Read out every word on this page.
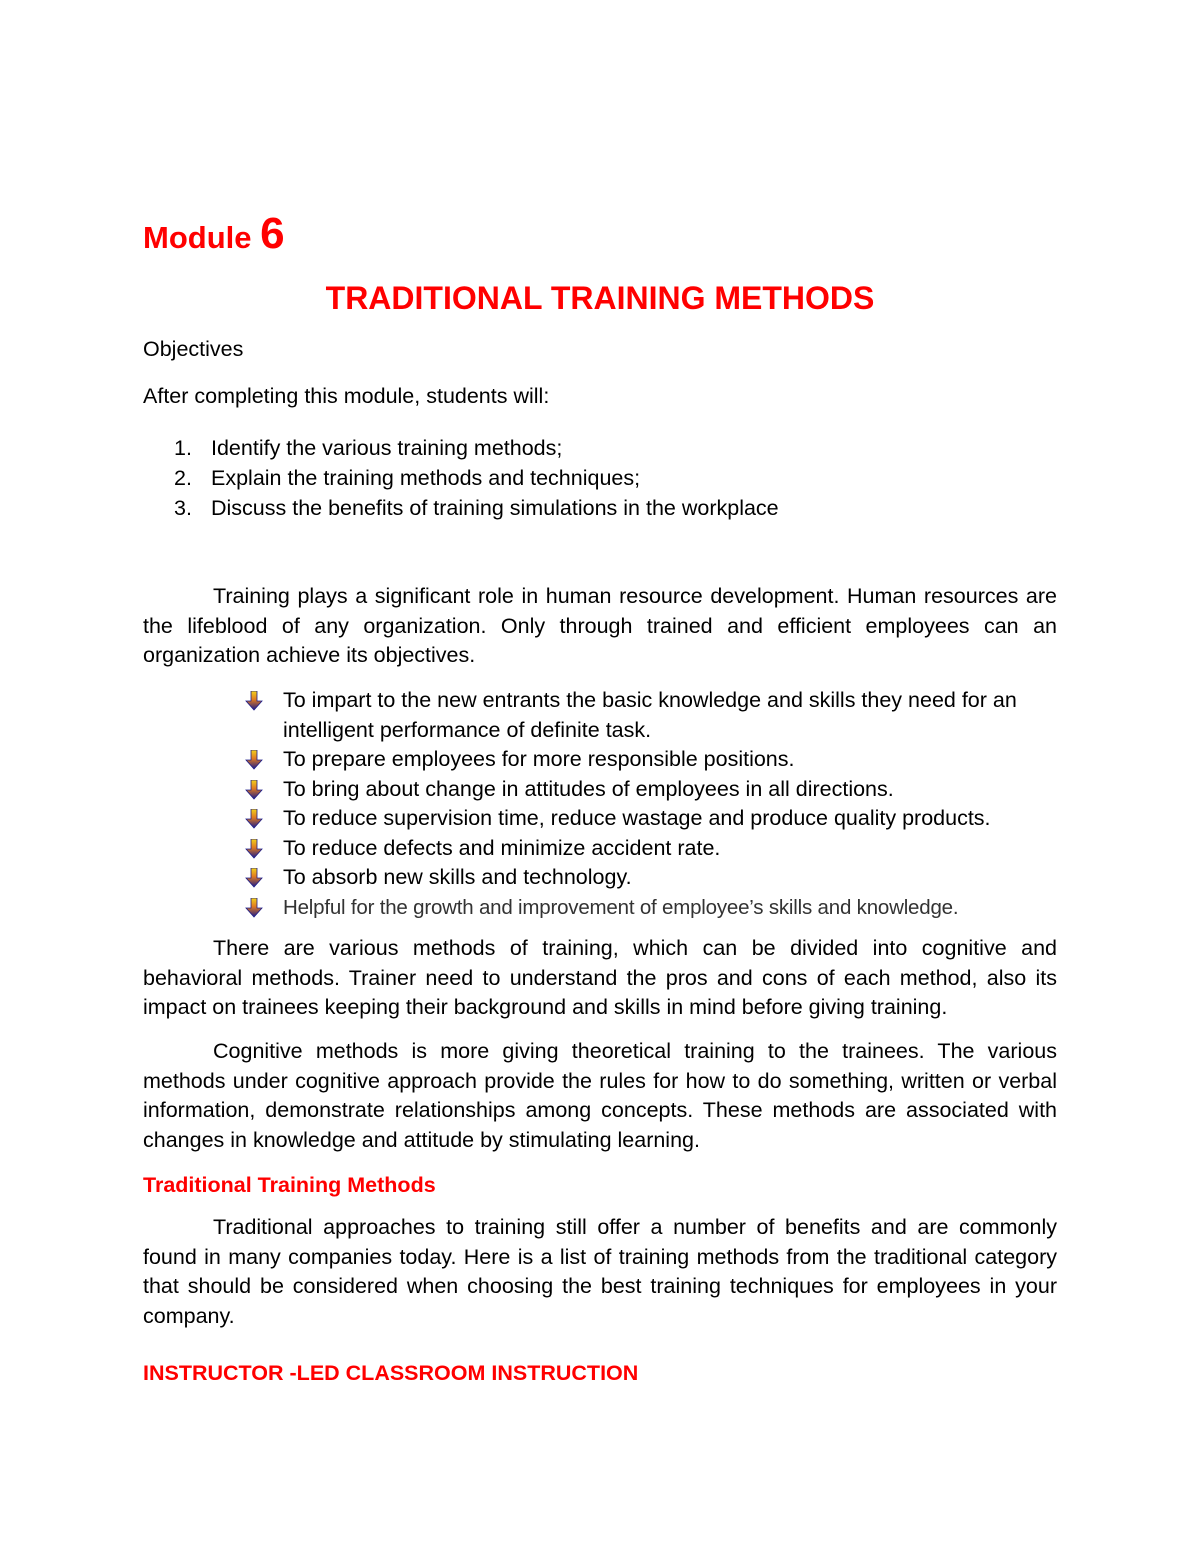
Module 6
TRADITIONAL TRAINING METHODS
Objectives
After completing this module, students will:
1. Identify the various training methods;
2. Explain the training methods and techniques;
3. Discuss the benefits of training simulations in the workplace

Training plays a significant role in human resource development. Human resources are the lifeblood of any organization. Only through trained and efficient employees can an organization achieve its objectives.

To impart to the new entrants the basic knowledge and skills they need for an intelligent performance of definite task.
To prepare employees for more responsible positions.
To bring about change in attitudes of employees in all directions.
To reduce supervision time, reduce wastage and produce quality products.
To reduce defects and minimize accident rate.
To absorb new skills and technology.
Helpful for the growth and improvement of employee’s skills and knowledge.

There are various methods of training, which can be divided into cognitive and behavioral methods. Trainer need to understand the pros and cons of each method, also its impact on trainees keeping their background and skills in mind before giving training.

Cognitive methods is more giving theoretical training to the trainees. The various methods under cognitive approach provide the rules for how to do something, written or verbal information, demonstrate relationships among concepts. These methods are associated with changes in knowledge and attitude by stimulating learning.

Traditional Training Methods

Traditional approaches to training still offer a number of benefits and are commonly found in many companies today. Here is a list of training methods from the traditional category that should be considered when choosing the best training techniques for employees in your company.

INSTRUCTOR -LED CLASSROOM INSTRUCTION
